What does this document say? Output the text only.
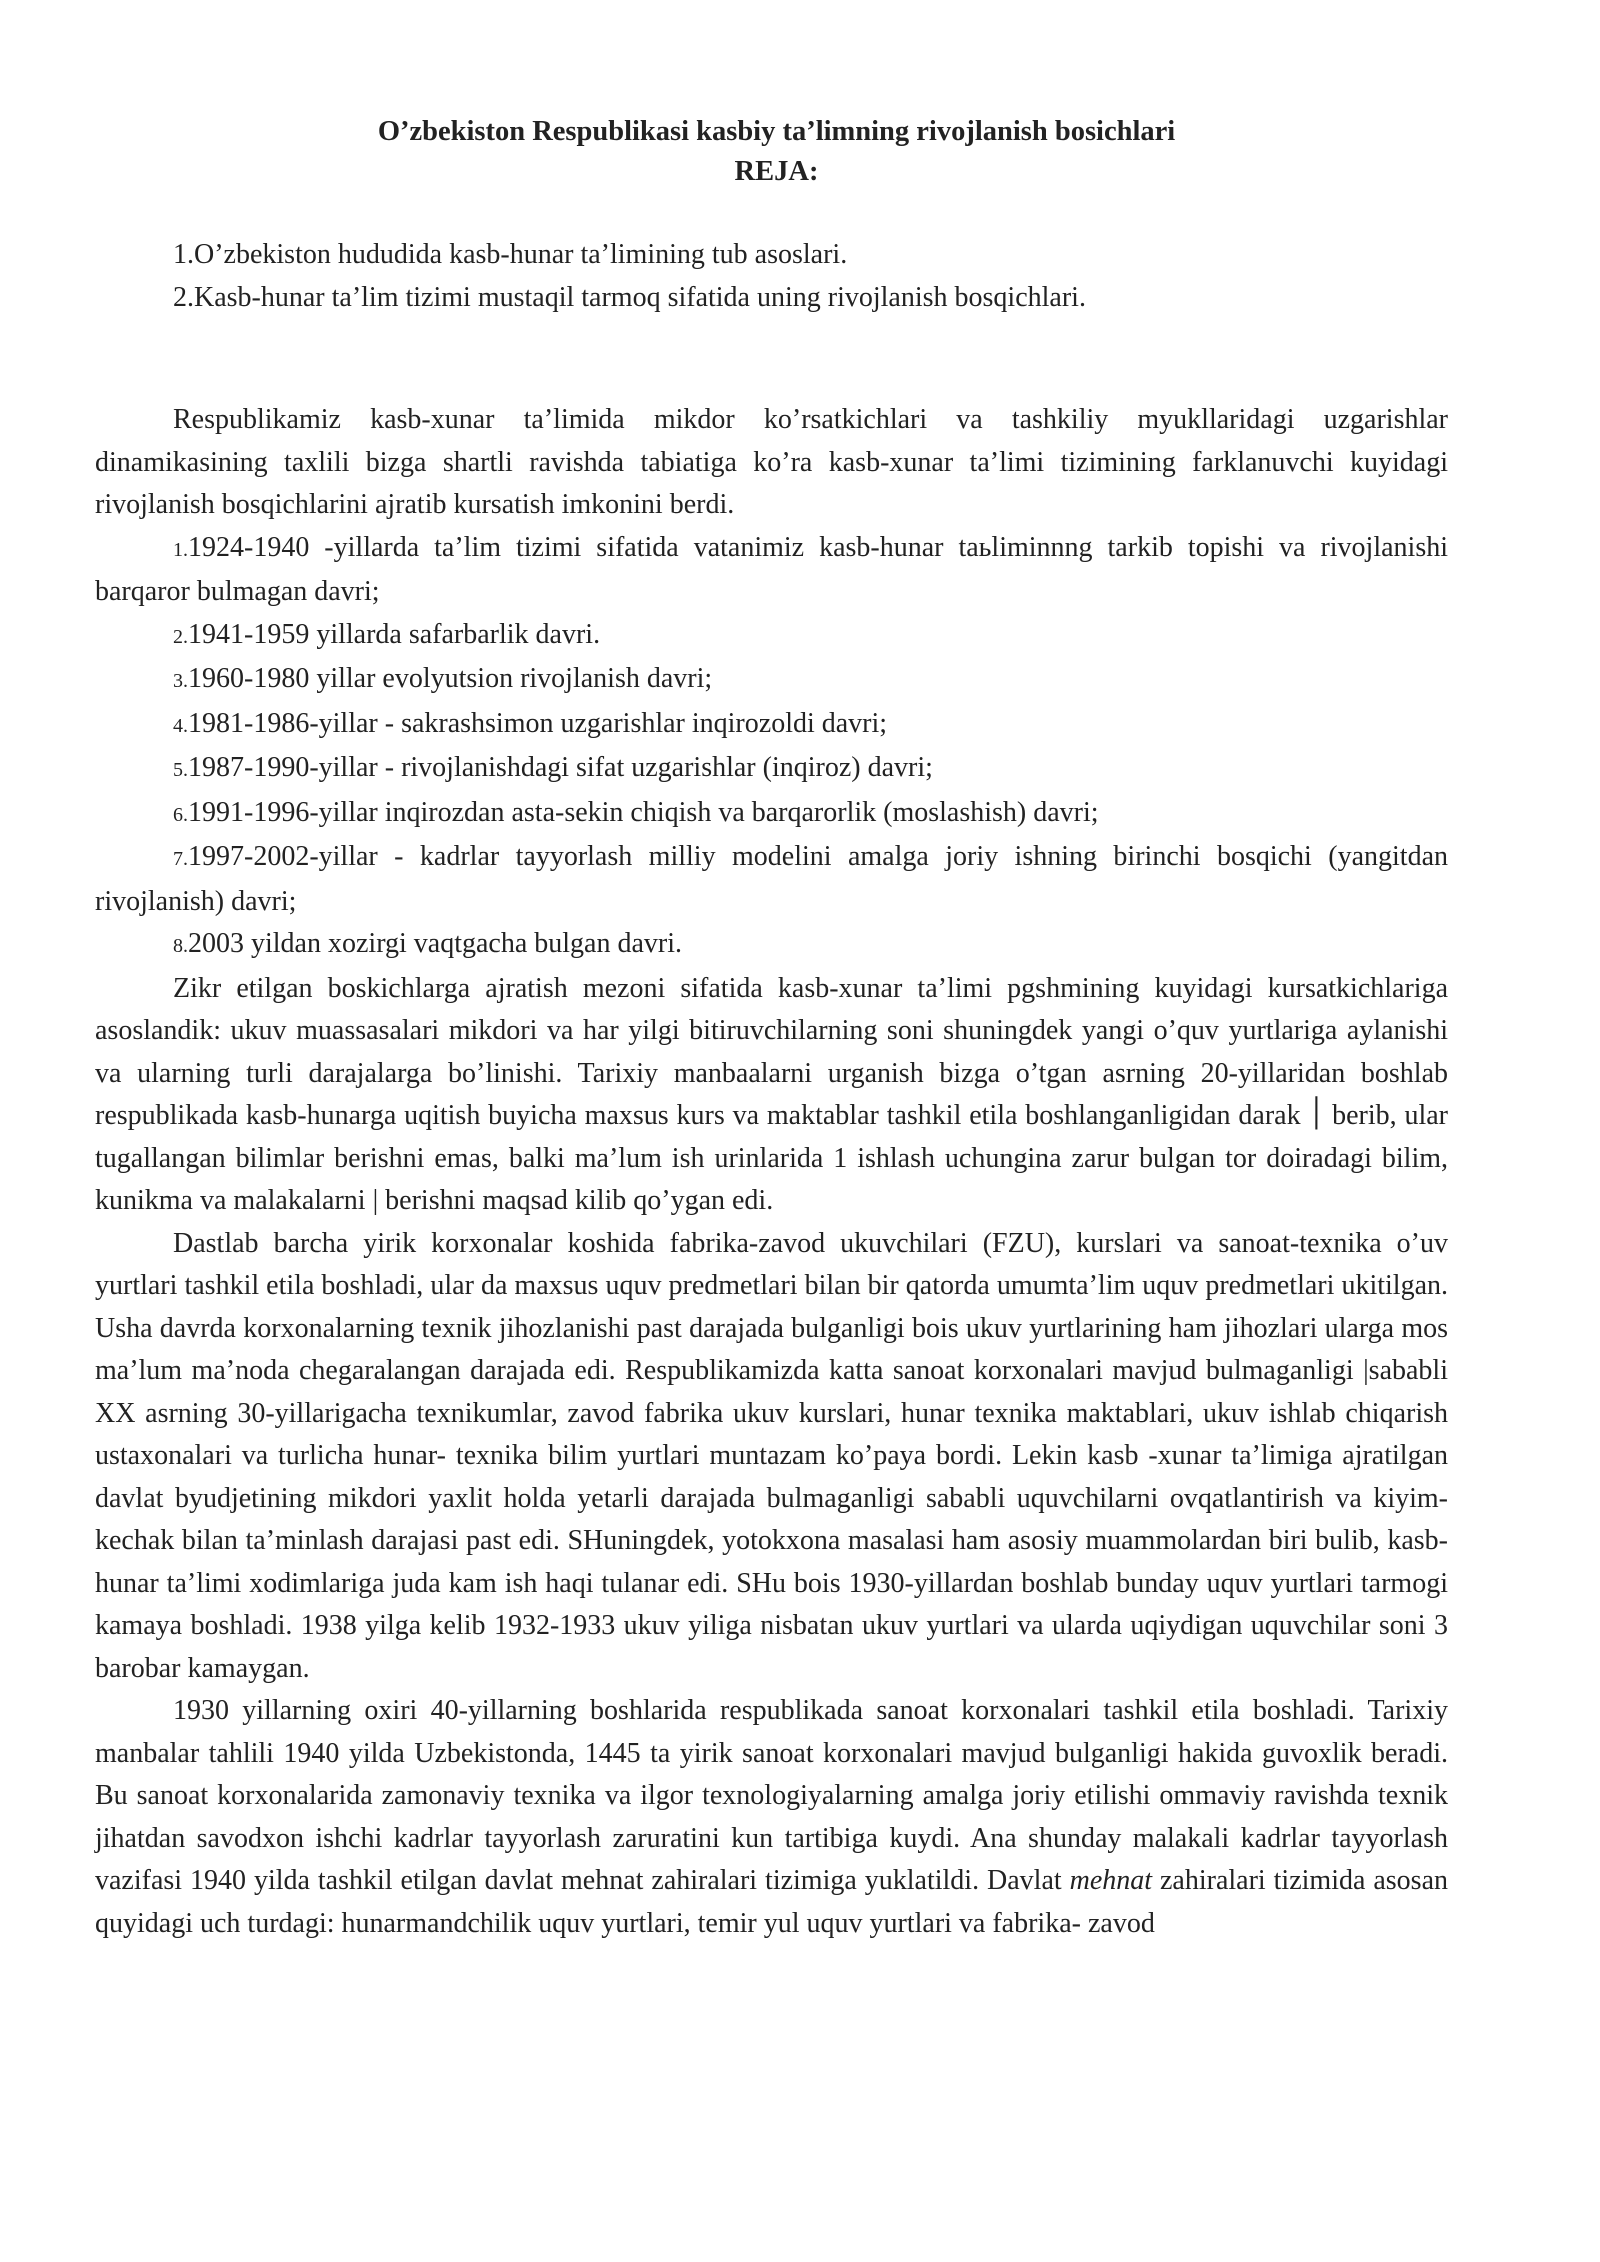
O’zbekiston Respublikasi kasbiy ta’limning rivojlanish bosichlari
REJA:

1.O’zbekiston hududida kasb-hunar ta’limining tub asoslari.

2.Kasb-hunar ta’lim tizimi mustaqil tarmoq sifatida uning rivojlanish bosqichlari.

Respublikamiz kasb-xunar ta’limida mikdor ko’rsatkichlari va tashkiliy myukllaridagi uzgarishlar dinamikasining taxlili bizga shartli ravishda tabiatiga ko’ra kasb-xunar ta’limi tizimining farklanuvchi kuyidagi rivojlanish bosqichlarini ajratib kursatish imkonini berdi.

1.1924-1940 -yillarda ta’lim tizimi sifatida vatanimiz kasb-hunar taьliminnng tarkib topishi va rivojlanishi barqaror bulmagan davri;

2.1941-1959 yillarda safarbarlik davri.

3.1960-1980 yillar evolyutsion rivojlanish davri;

4.1981-1986-yillar - sakrashsimon uzgarishlar inqirozoldi davri;

5.1987-1990-yillar - rivojlanishdagi sifat uzgarishlar (inqiroz) davri;

6.1991-1996-yillar inqirozdan asta-sekin chiqish va barqarorlik (moslashish) davri;

7.1997-2002-yillar - kadrlar tayyorlash milliy modelini amalga joriy ishning birinchi bosqichi (yangitdan rivojlanish) davri;

8.2003 yildan xozirgi vaqtgacha bulgan davri.

Zikr etilgan boskichlarga ajratish mezoni sifatida kasb-xunar ta’limi pgshmining kuyidagi kursatkichlariga asoslandik: ukuv muassasalari mikdori va har yilgi bitiruvchilarning soni shuningdek yangi o’quv yurtlariga aylanishi va ularning turli darajalarga bo’linishi. Tarixiy manbaalarni urganish bizga o’tgan asrning 20-yillaridan boshlab respublikada kasb-hunarga uqitish buyicha maxsus kurs va maktablar tashkil etila boshlanganligidan darak ׀ berib, ular tugallangan bilimlar berishni emas, balki ma’lum ish urinlarida 1 ishlash uchungina zarur bulgan tor doiradagi bilim, kunikma va malakalarni | berishni maqsad kilib qo’ygan edi.

Dastlab barcha yirik korxonalar koshida fabrika-zavod ukuvchilari (FZU), kurslari va sanoat-texnika o’uv yurtlari tashkil etila boshladi, ular da maxsus uquv predmetlari bilan bir qatorda umumta’lim uquv predmetlari ukitilgan. Usha davrda korxonalarning texnik jihozlanishi past darajada bulganligi bois ukuv yurtlarining ham jihozlari ularga mos ma’lum ma’noda chegaralangan darajada edi. Respublikamizda katta sanoat korxonalari mavjud bulmaganligi |sababli XX asrning 30-yillarigacha texnikumlar, zavod fabrika ukuv kurslari, hunar texnika maktablari, ukuv ishlab chiqarish ustaxonalari va turlicha hunar- texnika bilim yurtlari muntazam ko’paya bordi. Lekin kasb -xunar ta’limiga ajratilgan davlat byudjetining mikdori yaxlit holda yetarli darajada bulmaganligi sababli uquvchilarni ovqatlantirish va kiyim-kechak bilan ta’minlash darajasi past edi. SHuningdek, yotokxona masalasi ham asosiy muammolardan biri bulib, kasb-hunar ta’limi xodimlariga juda kam ish haqi tulanar edi. SHu bois 1930-yillardan boshlab bunday uquv yurtlari tarmogi kamaya boshladi. 1938 yilga kelib 1932-1933 ukuv yiliga nisbatan ukuv yurtlari va ularda uqiydigan uquvchilar soni 3 barobar kamaygan.

1930 yillarning oxiri 40-yillarning boshlarida respublikada sanoat korxonalari tashkil etila boshladi. Tarixiy manbalar tahlili 1940 yilda Uzbekistonda, 1445 ta yirik sanoat korxonalari mavjud bulganligi hakida guvoxlik beradi. Bu sanoat korxonalarida zamonaviy texnika va ilgor texnologiyalarning amalga joriy etilishi ommaviy ravishda texnik jihatdan savodxon ishchi kadrlar tayyorlash zaruratini kun tartibiga kuydi. Ana shunday malakali kadrlar tayyorlash vazifasi 1940 yilda tashkil etilgan davlat mehnat zahiralari tizimiga yuklatildi. Davlat mehnat zahiralari tizimida asosan quyidagi uch turdagi: hunarmandchilik uquv yurtlari, temir yul uquv yurtlari va fabrika- zavod
